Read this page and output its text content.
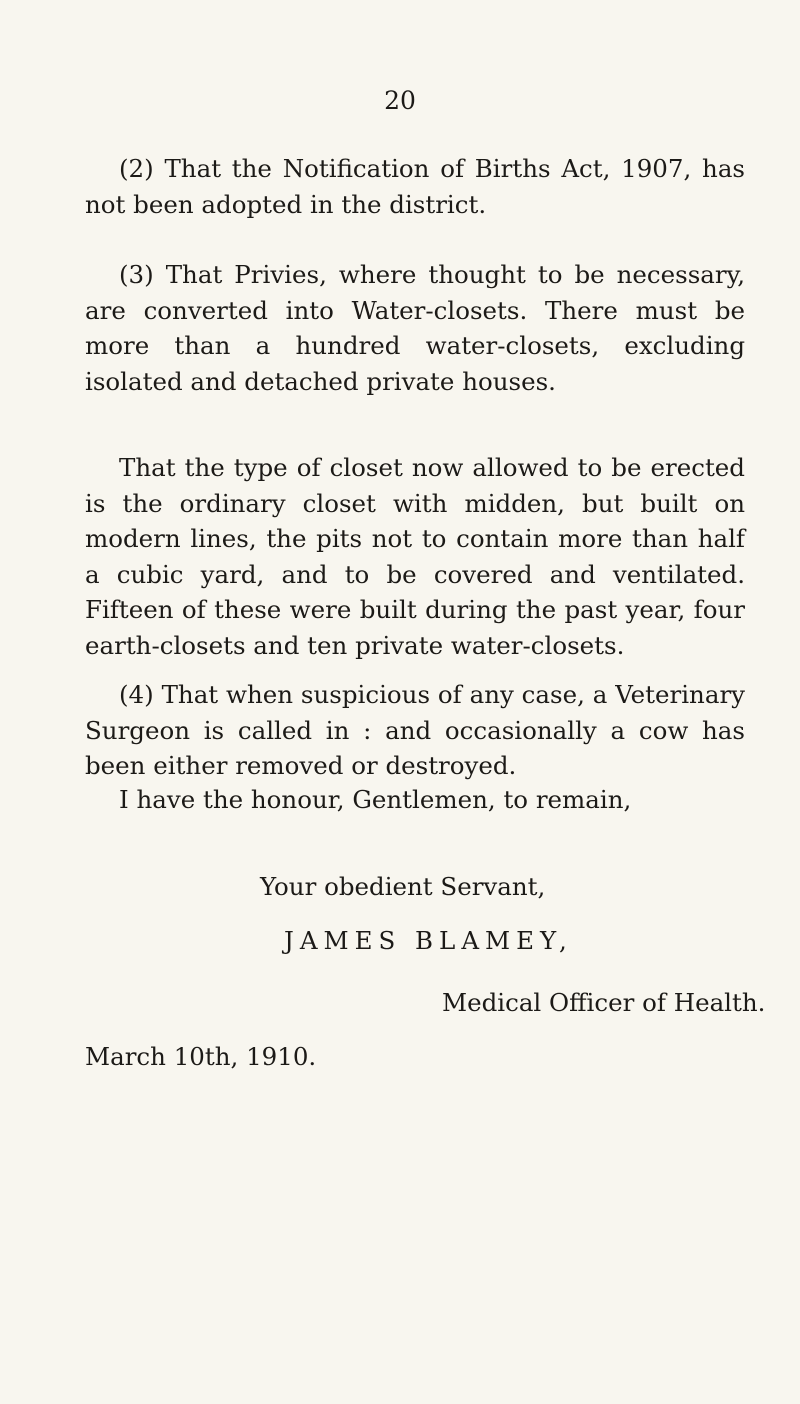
20

(2) That the Notification of Births Act, 1907, has not been adopted in the district.

(3) That Privies, where thought to be necessary, are converted into Water-closets. There must be more than a hundred water-closets, excluding isolated and detached private houses.

That the type of closet now allowed to be erected is the ordinary closet with midden, but built on modern lines, the pits not to contain more than half a cubic yard, and to be covered and ventilated. Fifteen of these were built during the past year, four earth-closets and ten private water-closets.

(4) That when suspicious of any case, a Veterinary Surgeon is called in : and occasionally a cow has been either removed or destroyed.

I have the honour, Gentlemen, to remain,
Your obedient Servant,
JAMES BLAMEY,
Medical Officer of Health.
March 10th, 1910.
